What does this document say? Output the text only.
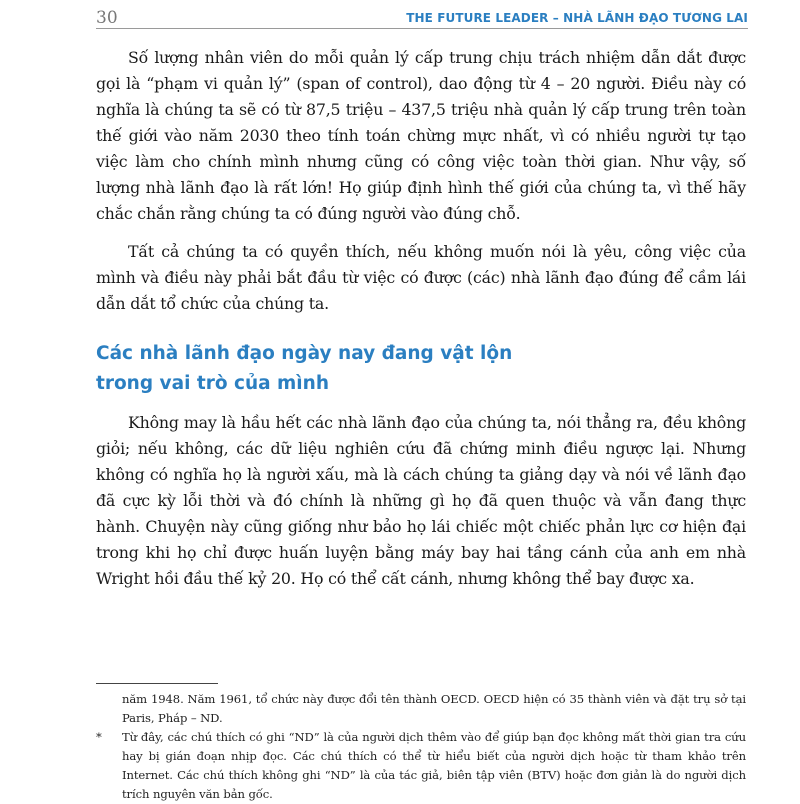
30	THE FUTURE LEADER – NHÀ LÃNH ĐẠO TƯƠNG LAI

Số lượng nhân viên do mỗi quản lý cấp trung chịu trách nhiệm dẫn dắt được gọi là “phạm vi quản lý” (span of control), dao động từ 4 – 20 người. Điều này có nghĩa là chúng ta sẽ có từ 87,5 triệu – 437,5 triệu nhà quản lý cấp trung trên toàn thế giới vào năm 2030 theo tính toán chừng mực nhất, vì có nhiều người tự tạo việc làm cho chính mình nhưng cũng có công việc toàn thời gian. Như vậy, số lượng nhà lãnh đạo là rất lớn! Họ giúp định hình thế giới của chúng ta, vì thế hãy chắc chắn rằng chúng ta có đúng người vào đúng chỗ.

Tất cả chúng ta có quyền thích, nếu không muốn nói là yêu, công việc của mình và điều này phải bắt đầu từ việc có được (các) nhà lãnh đạo đúng để cầm lái dẫn dắt tổ chức của chúng ta.

Các nhà lãnh đạo ngày nay đang vật lộn trong vai trò của mình

Không may là hầu hết các nhà lãnh đạo của chúng ta, nói thẳng ra, đều không giỏi; nếu không, các dữ liệu nghiên cứu đã chứng minh điều ngược lại. Nhưng không có nghĩa họ là người xấu, mà là cách chúng ta giảng dạy và nói về lãnh đạo đã cực kỳ lỗi thời và đó chính là những gì họ đã quen thuộc và vẫn đang thực hành. Chuyện này cũng giống như bảo họ lái chiếc một chiếc phản lực cơ hiện đại trong khi họ chỉ được huấn luyện bằng máy bay hai tầng cánh của anh em nhà Wright hồi đầu thế kỷ 20. Họ có thể cất cánh, nhưng không thể bay được xa.

năm 1948. Năm 1961, tổ chức này được đổi tên thành OECD. OECD hiện có 35 thành viên và đặt trụ sở tại Paris, Pháp – ND.

* Từ đây, các chú thích có ghi “ND” là của người dịch thêm vào để giúp bạn đọc không mất thời gian tra cứu hay bị gián đoạn nhịp đọc. Các chú thích có thể từ hiểu biết của người dịch hoặc từ tham khảo trên Internet. Các chú thích không ghi “ND” là của tác giả, biên tập viên (BTV) hoặc đơn giản là do người dịch trích nguyên văn bản gốc.
